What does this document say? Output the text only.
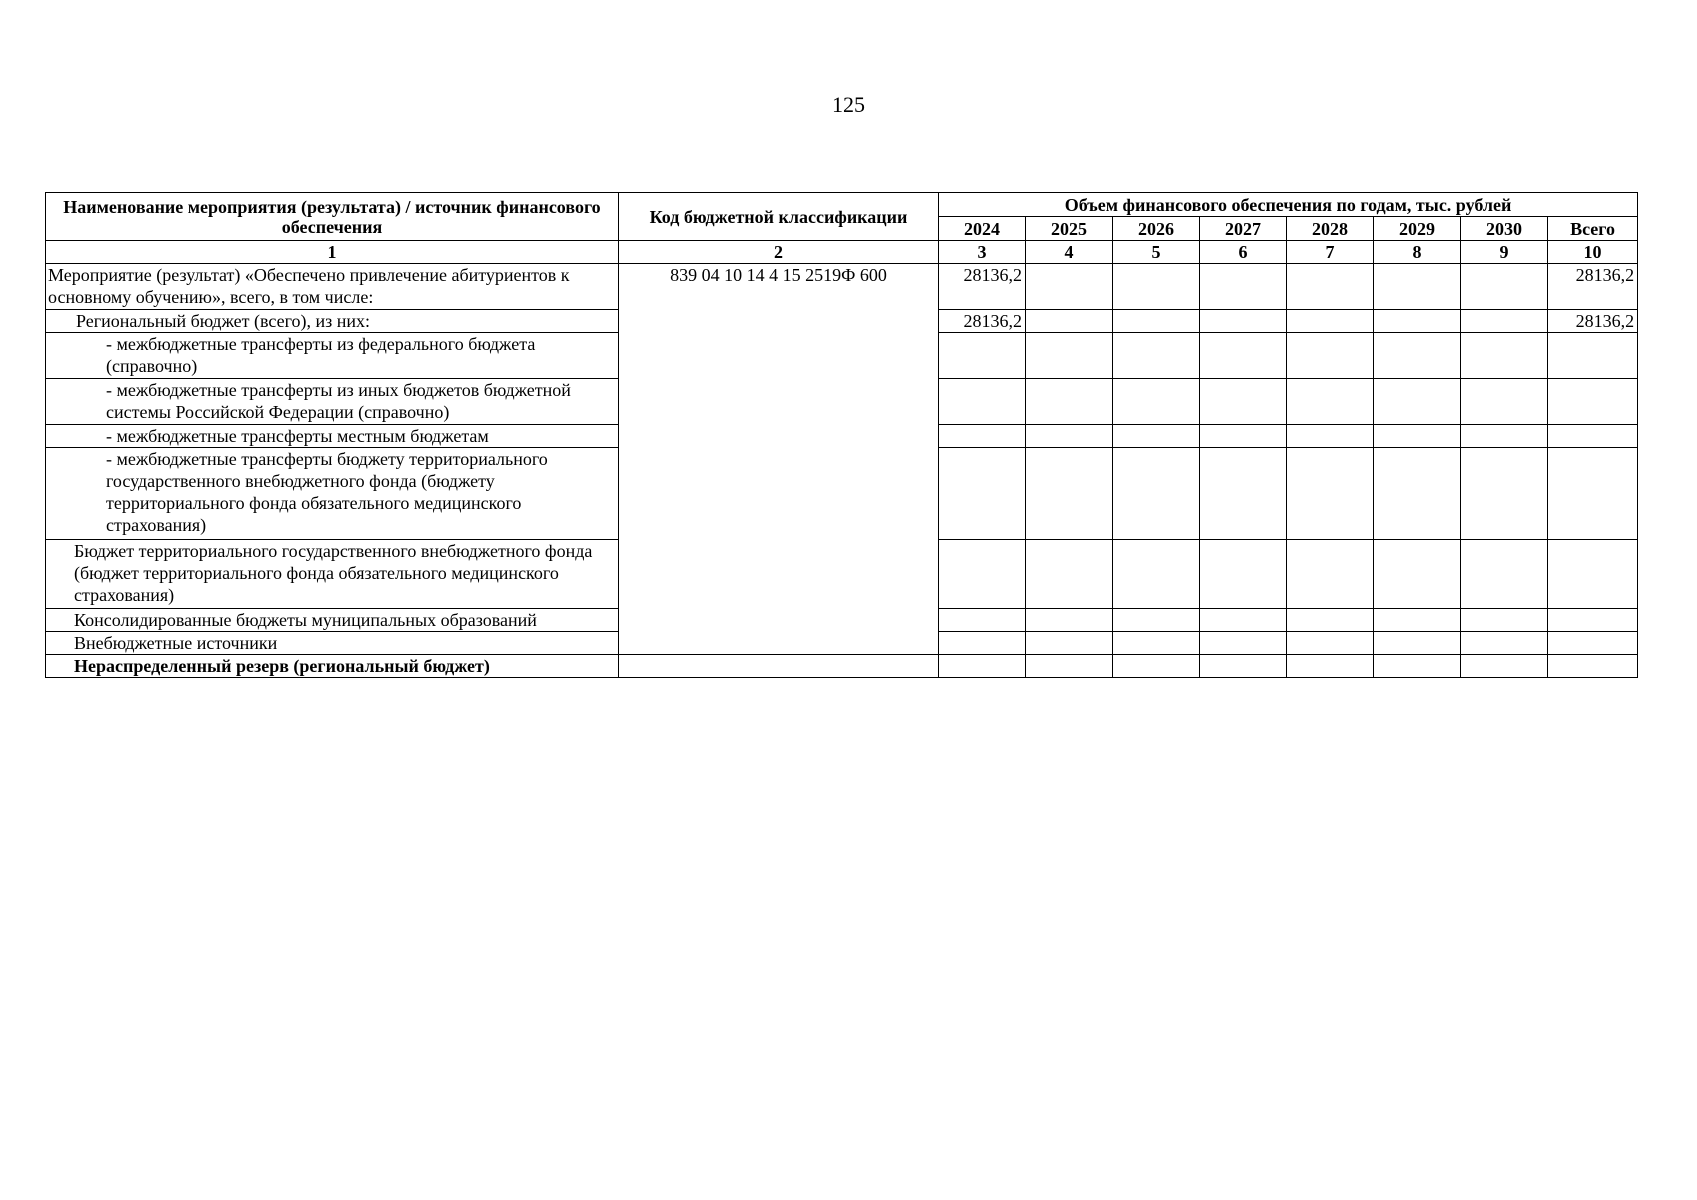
125
Наименование мероприятия (результата) / источник финансового обеспечения	Код бюджетной классификации	Объем финансового обеспечения по годам, тыс. рублей							
		2024	2025	2026	2027	2028	2029	2030	Всего
1	2	3	4	5	6	7	8	9	10
Мероприятие (результат) «Обеспечено привлечение абитуриентов к основному обучению», всего, в том числе:	839 04 10 14 4 15 2519Ф 600	28136,2							28136,2
Региональный бюджет (всего), из них:		28136,2							28136,2
- межбюджетные трансферты из федерального бюджета (справочно)									
- межбюджетные трансферты из иных бюджетов бюджетной системы Российской Федерации (справочно)									
- межбюджетные трансферты местным бюджетам									
- межбюджетные трансферты бюджету территориального государственного внебюджетного фонда (бюджету территориального фонда обязательного медицинского страхования)									
Бюджет территориального государственного внебюджетного фонда (бюджет территориального фонда обязательного медицинского страхования)									
Консолидированные бюджеты муниципальных образований									
Внебюджетные источники									
Нераспределенный резерв (региональный бюджет)									
